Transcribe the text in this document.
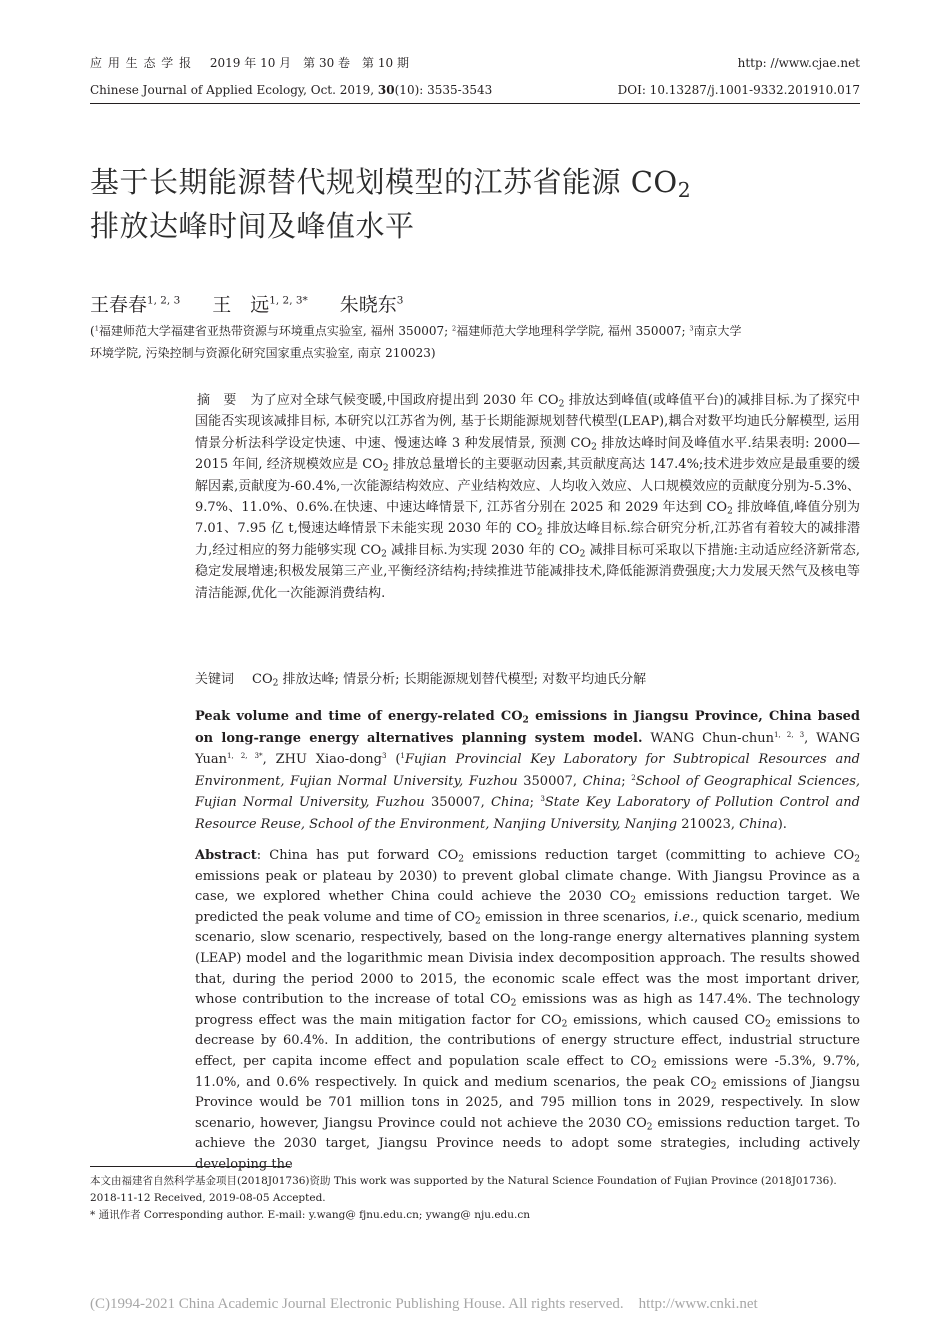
应 用 生 态 学 报 2019 年 10 月　第 30 卷　第 10 期	http: //www.cjae.net
Chinese Journal of Applied Ecology, Oct. 2019, 30(10): 3535-3543	DOI: 10.13287/j.1001-9332.201910.017
基于长期能源替代规划模型的江苏省能源 $CO_2$
排放达峰时间及峰值水平
王春春$^{1, 2, 3}$ 王　远$^{1, 2, 3*}$ 朱晓东$^3$
($^1$福建师范大学福建省亚热带资源与环境重点实验室, 福州 350007; $^2$福建师范大学地理科学学院, 福州 350007; $^3$南京大学
环境学院, 污染控制与资源化研究国家重点实验室, 南京 210023)
摘　要 为了应对全球气候变暖,中国政府提出到 2030 年 $CO_2$ 排放达到峰值(或峰值平台)的减排目标.为了探究中国能否实现该减排目标, 本研究以江苏省为例, 基于长期能源规划替代模型(LEAP),耦合对数平均迪氏分解模型, 运用情景分析法科学设定快速、中速、慢速达峰 3 种发展情景, 预测 $CO_2$ 排放达峰时间及峰值水平.结果表明: 2000—2015 年间, 经济规模效应是 $CO_2$ 排放总量增长的主要驱动因素,其贡献度高达 147.4%;技术进步效应是最重要的缓解因素,贡献度为-60.4%,一次能源结构效应、产业结构效应、人均收入效应、人口规模效应的贡献度分别为-5.3%、9.7%、11.0%、0.6%.在快速、中速达峰情景下, 江苏省分别在 2025 和 2029 年达到 $CO_2$ 排放峰值,峰值分别为 7.01、7.95 亿 t,慢速达峰情景下未能实现 2030 年的 $CO_2$ 排放达峰目标.综合研究分析,江苏省有着较大的减排潜力,经过相应的努力能够实现 $CO_2$ 减排目标.为实现 2030 年的 $CO_2$ 减排目标可采取以下措施:主动适应经济新常态,稳定发展增速;积极发展第三产业,平衡经济结构;持续推进节能减排技术,降低能源消费强度;大力发展天然气及核电等清洁能源,优化一次能源消费结构.
关键词 $CO_2$ 排放达峰; 情景分析; 长期能源规划替代模型; 对数平均迪氏分解
Peak volume and time of energy-related $CO_2$ emissions in Jiangsu Province, China based on long-range energy alternatives planning system model. WANG Chun-chun$^{1, 2, 3}$, WANG Yuan$^{1, 2, 3*}$, ZHU Xiao-dong$^3$ ($^1$Fujian Provincial Key Laboratory for Subtropical Resources and Environment, Fujian Normal University, Fuzhou 350007, China; $^2$School of Geographical Sciences, Fujian Normal University, Fuzhou 350007, China; $^3$State Key Laboratory of Pollution Control and Resource Reuse, School of the Environment, Nanjing University, Nanjing 210023, China).
Abstract: China has put forward $CO_2$ emissions reduction target (committing to achieve $CO_2$ emissions peak or plateau by 2030) to prevent global climate change. With Jiangsu Province as a case, we explored whether China could achieve the 2030 $CO_2$ emissions reduction target. We predicted the peak volume and time of $CO_2$ emission in three scenarios, i.e., quick scenario, medium scenario, slow scenario, respectively, based on the long-range energy alternatives planning system (LEAP) model and the logarithmic mean Divisia index decomposition approach. The results showed that, during the period 2000 to 2015, the economic scale effect was the most important driver, whose contribution to the increase of total $CO_2$ emissions was as high as 147.4%. The technology progress effect was the main mitigation factor for $CO_2$ emissions, which caused $CO_2$ emissions to decrease by 60.4%. In addition, the contributions of energy structure effect, industrial structure effect, per capita income effect and population scale effect to $CO_2$ emissions were -5.3%, 9.7%, 11.0%, and 0.6% respectively. In quick and medium scenarios, the peak $CO_2$ emissions of Jiangsu Province would be 701 million tons in 2025, and 795 million tons in 2029, respectively. In slow scenario, however, Jiangsu Province could not achieve the 2030 $CO_2$ emissions reduction target. To achieve the 2030 target, Jiangsu Province needs to adopt some strategies, including actively developing the
本文由福建省自然科学基金项目(2018J01736)资助 This work was supported by the Natural Science Foundation of Fujian Province (2018J01736).
2018-11-12 Received, 2019-08-05 Accepted.
* 通讯作者 Corresponding author. E-mail: y.wang@ fjnu.edu.cn; ywang@ nju.edu.cn
(C)1994-2021 China Academic Journal Electronic Publishing House. All rights reserved.    http://www.cnki.net
